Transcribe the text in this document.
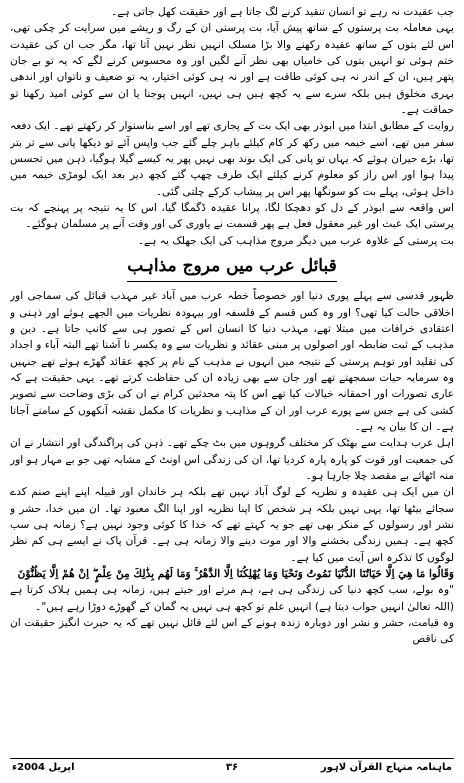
جب عقیدت نہ رہے تو انسان تنقید کرنے لگ جاتا ہے اور حقیقت کھل جاتی ہے۔

یہی معاملہ بت پرستوں کے ساتھ پیش آیا، بت پرستی ان کے رگ و ریشے میں سرایت کر چکی تھی، اس لئے بتوں کے ساتھ عقیدہ رکھنے والا بڑا مسلک انہیں نظر نہیں آتا تھا، مگر جب ان کی عقیدت ختم ہوئی تو انہیں بتوں کی خامیاں بھی نظر آنے لگیں اور وہ محسوس کرنے لگے کہ یہ تو بے جان پتھر ہیں، ان کے اندر نہ ہی کوئی طاقت ہے اور نہ ہی کوئی اختیار، یہ تو ضعیف و ناتواں اور اندھی بہری مخلوق ہیں بلکہ سرے سے یہ کچھ ہیں ہی نہیں، انہیں پوجنا یا ان سے کوئی امید رکھنا تو حماقت ہے۔

روایت کے مطابق ابتدا میں ابوذر بھی ایک بت کے پجاری تھے اور اسے بناسنوار کر رکھتے تھے۔ ایک دفعہ سفر میں تھے، اسے خیمہ میں رکھ کر کام کیلئے باہر چلے گئے جب واپس آئے تو دیکھا پانی سے تر بتر تھا، بڑے حیران ہوئے کہ یہاں تو پانی کی ایک بوند بھی نہیں پھر یہ کیسے گیلا ہوگیا، ذہن میں تجسس پیدا ہوا اور اس راز کو معلوم کرنے کیلئے ایک طرف چھپ گئے کچھ دیر بعد ایک لومڑی خیمہ میں داخل ہوئی، پہلے بت کو سونگھا پھر اس پر پیشاب کرکے چلتی گئی۔

اس واقعہ سے ابوذر کے دل کو دھچکا لگا، پرانا عقیدہ ڈگمگا گیا، اس کا یہ نتیجہ پر پہنچے کہ بت پرستی ایک عبث اور غیر معقول فعل ہے پھر قسمت نے یاوری کی اور وقت آنے پر مسلمان ہوگئے۔

بت پرستی کے علاوہ عرب میں دیگر مروج مذاہب کی ایک جھلک یہ ہے۔

قبائل عرب میں مروج مذاہب

ظہور قدسی سے پہلے پوری دنیا اور خصوصاً خطہ عرب میں آباد غیر مہذب قبائل کی سماجی اور اخلاقی حالت کیا تھی؟ اور وہ کس قسم کے فلسفہ اور بیہودہ نظریات میں الجھے ہوئے اور ذہنی و اعتقادی خرافات میں مبتلا تھے، مہذب دنیا کا انسان اس کے تصور ہی سے کانپ جاتا ہے۔ دین و مذہب کے ثبت ضابطہ اور اصولوں پر مبنی عقائد و نظریات سے وہ یکسر نا آشنا تھے البتہ آباء و اجداد کی تقلید اور توہم پرستی کے نتیجہ میں انہوں نے مذہب کے نام پر کچھ عقائد گھڑے ہوئے تھے جنہیں وہ سرمایہ حیات سمجھتے تھے اور جان سے بھی زیادہ ان کی حفاظت کرتے تھے۔ یہی حقیقت ہے کہ عاری تصورات اور احمقانہ خیالات کیا تھے اس کا پتہ محدثین کرام نے ان کی بڑی وضاحت سے تصویر کشی کی ہے جس سے پورے عرب اور ان کے مذاہب و نظریات کا مکمل نقشہ آنکھوں کے سامنے آجاتا ہے۔ ان کا بیان یہ ہے۔

اہل عرب ہدایت سے بھٹک کر مختلف گروہوں میں بٹ چکے تھے۔ ذہن کی پراگندگی اور انتشار نے ان کی جمعیت اور قوت کو پارہ پارہ کردیا تھا، ان کی زندگی اس اونٹ کے مشابہ تھی جو بے مہار ہو اور منہ اٹھائے بے مقصد چلا جارہا ہو۔

ان میں ایک ہی عقیدہ و نظریہ کے لوگ آباد نہیں تھے بلکہ ہر خاندان اور قبیلہ اپنے اپنے صنم کدے سجائے بیٹھا تھا، یہی نہیں بلکہ ہر شخص کا اپنا نظریہ اور اپنا الگ معبود تھا۔ ان میں خدا، حشر و نشر اور رسولوں کے منکر بھی تھے جو یہ کہتے تھے کہ خدا کا کوئی وجود نہیں ہے؟ زمانہ ہی سب کچھ ہے۔ ہمیں زندگی بخشنے والا اور موت دینے والا زمانہ ہی ہے۔ قرآن پاک نے ایسے ہی کم نظر لوگوں کا تذکرہ اس آیت میں کیا ہے۔

وَقَالُوا مَا هِيَ اِلَّا حَيَاتُنَا الدُّنْيَا نَمُوتُ وَنَحْيَا وَمَا يُهْلِكُنَا اِلَّا الدَّهْرُ ۚ وَمَا لَهُم بِذَٰلِكَ مِنْ عِلْمٍ ۖ اِنْ هُمْ اِلَّا يَظُنُّوْنَ

"وہ بولے، سب کچھ دنیا کی زندگی ہی ہے، ہم مرتے اور جیتے ہیں، زمانہ ہی ہمیں ہلاک کرتا ہے (اللہ تعالیٰ انہیں جواب دیتا ہے) انہیں علم تو کچھ ہی نہیں یہ گمان کے گھوڑے دوڑا رہے ہیں"۔

وہ قیامت، حشر و نشر اور دوبارہ زندہ ہونے کے اس لئے قائل نہیں تھے کہ یہ حیرت انگیز حقیقت ان کی ناقص

ماہنامہ منہاج القرآن لاہور
۳۶
اپریل 2004ء
